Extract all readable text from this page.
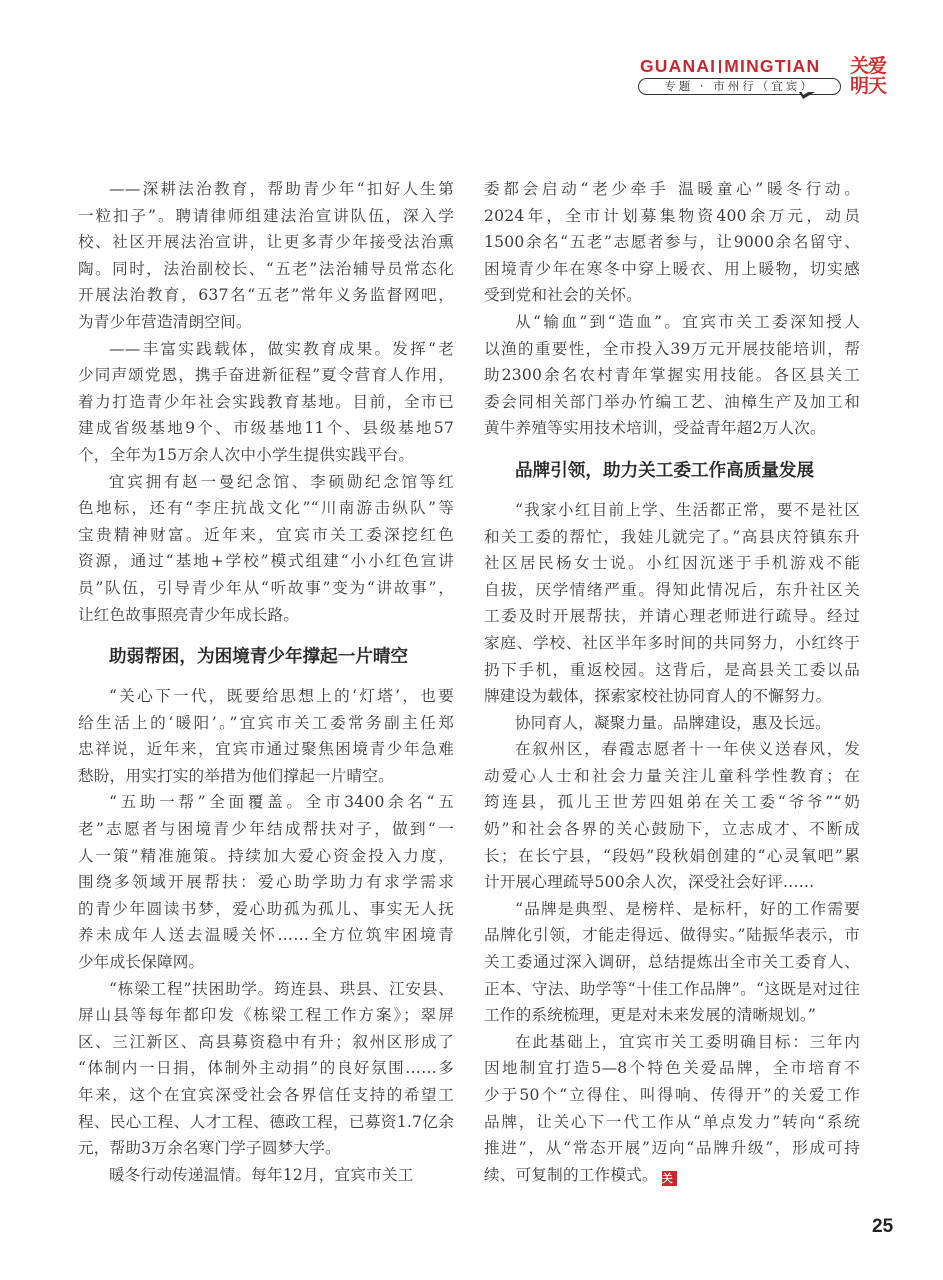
GUANAI MINGTIAN
专题 · 市州行（宜宾）
关爱
明天
——深耕法治教育，帮助青少年“扣好人生第
一粒扣子”。聘请律师组建法治宣讲队伍，深入学
校、社区开展法治宣讲，让更多青少年接受法治熏
陶。同时，法治副校长、“五老”法治辅导员常态化
开展法治教育，637名“五老”常年义务监督网吧，
为青少年营造清朗空间。
——丰富实践载体，做实教育成果。发挥“老
少同声颂党恩，携手奋进新征程”夏令营育人作用，
着力打造青少年社会实践教育基地。目前，全市已
建成省级基地9个、市级基地11个、县级基地57
个，全年为15万余人次中小学生提供实践平台。
宜宾拥有赵一曼纪念馆、李硕勋纪念馆等红
色地标，还有“李庄抗战文化”“川南游击纵队”等
宝贵精神财富。近年来，宜宾市关工委深挖红色
资源，通过“基地+学校”模式组建“小小红色宣讲
员”队伍，引导青少年从“听故事”变为“讲故事”，
让红色故事照亮青少年成长路。
助弱帮困，为困境青少年撑起一片晴空
“关心下一代，既要给思想上的‘灯塔’，也要
给生活上的‘暖阳’。”宜宾市关工委常务副主任郑
忠祥说，近年来，宜宾市通过聚焦困境青少年急难
愁盼，用实打实的举措为他们撑起一片晴空。
“五助一帮”全面覆盖。全市3400余名“五
老”志愿者与困境青少年结成帮扶对子，做到“一
人一策”精准施策。持续加大爱心资金投入力度，
围绕多领域开展帮扶：爱心助学助力有求学需求
的青少年圆读书梦，爱心助孤为孤儿、事实无人抚
养未成年人送去温暖关怀……全方位筑牢困境青
少年成长保障网。
“栋梁工程”扶困助学。筠连县、珙县、江安县、
屏山县等每年都印发《栋梁工程工作方案》；翠屏
区、三江新区、高县募资稳中有升；叙州区形成了
“体制内一日捐，体制外主动捐”的良好氛围……多
年来，这个在宜宾深受社会各界信任支持的希望工
程、民心工程、人才工程、德政工程，已募资1.7亿余
元，帮助3万余名寒门学子圆梦大学。
暖冬行动传递温情。每年12月，宜宾市关工
委都会启动“老少牵手 温暖童心”暖冬行动。
2024年，全市计划募集物资400余万元，动员
1500余名“五老”志愿者参与，让9000余名留守、
困境青少年在寒冬中穿上暖衣、用上暖物，切实感
受到党和社会的关怀。
从“输血”到“造血”。宜宾市关工委深知授人
以渔的重要性，全市投入39万元开展技能培训，帮
助2300余名农村青年掌握实用技能。各区县关工
委会同相关部门举办竹编工艺、油樟生产及加工和
黄牛养殖等实用技术培训，受益青年超2万人次。
品牌引领，助力关工委工作高质量发展
“我家小红目前上学、生活都正常，要不是社区
和关工委的帮忙，我娃儿就完了。”高县庆符镇东升
社区居民杨女士说。小红因沉迷于手机游戏不能
自拔，厌学情绪严重。得知此情况后，东升社区关
工委及时开展帮扶，并请心理老师进行疏导。经过
家庭、学校、社区半年多时间的共同努力，小红终于
扔下手机，重返校园。这背后，是高县关工委以品
牌建设为载体，探索家校社协同育人的不懈努力。
协同育人，凝聚力量。品牌建设，惠及长远。
在叙州区，春霞志愿者十一年侠义送春风，发
动爱心人士和社会力量关注儿童科学性教育；在
筠连县，孤儿王世芳四姐弟在关工委“爷爷”“奶
奶”和社会各界的关心鼓励下，立志成才、不断成
长；在长宁县，“段妈”段秋娟创建的“心灵氧吧”累
计开展心理疏导500余人次，深受社会好评……
“品牌是典型、是榜样、是标杆，好的工作需要
品牌化引领，才能走得远、做得实。”陆振华表示，市
关工委通过深入调研，总结提炼出全市关工委育人、
正本、守法、助学等“十佳工作品牌”。“这既是对过往
工作的系统梳理，更是对未来发展的清晰规划。”
在此基础上，宜宾市关工委明确目标：三年内
因地制宜打造5—8个特色关爱品牌，全市培育不
少于50个“立得住、叫得响、传得开”的关爱工作
品牌，让关心下一代工作从“单点发力”转向“系统
推进”，从“常态开展”迈向“品牌升级”，形成可持
续、可复制的工作模式。 关
25
